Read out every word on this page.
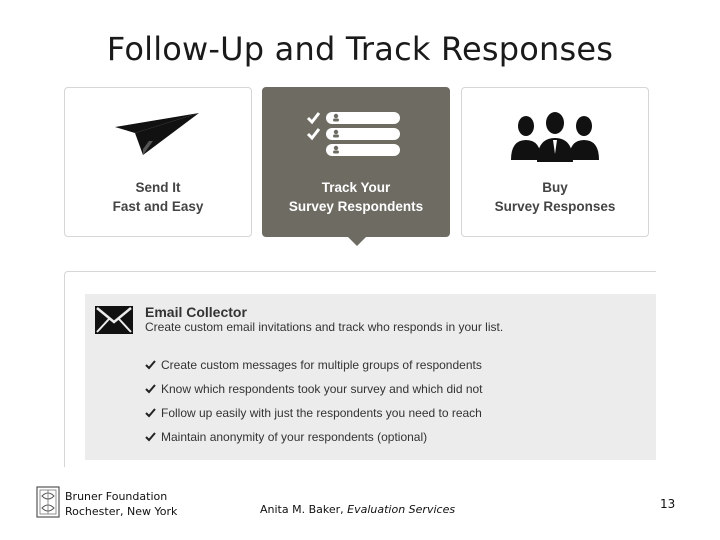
Follow-Up and Track Responses
Send It
Fast and Easy
Track Your
Survey Respondents
Buy
Survey Responses
Email Collector
Create custom email invitations and track who responds in your list.
Create custom messages for multiple groups of respondents
Know which respondents took your survey and which did not
Follow up easily with just the respondents you need to reach
Maintain anonymity of your respondents (optional)
Bruner Foundation
Rochester, New York	Anita M. Baker, Evaluation Services	13
